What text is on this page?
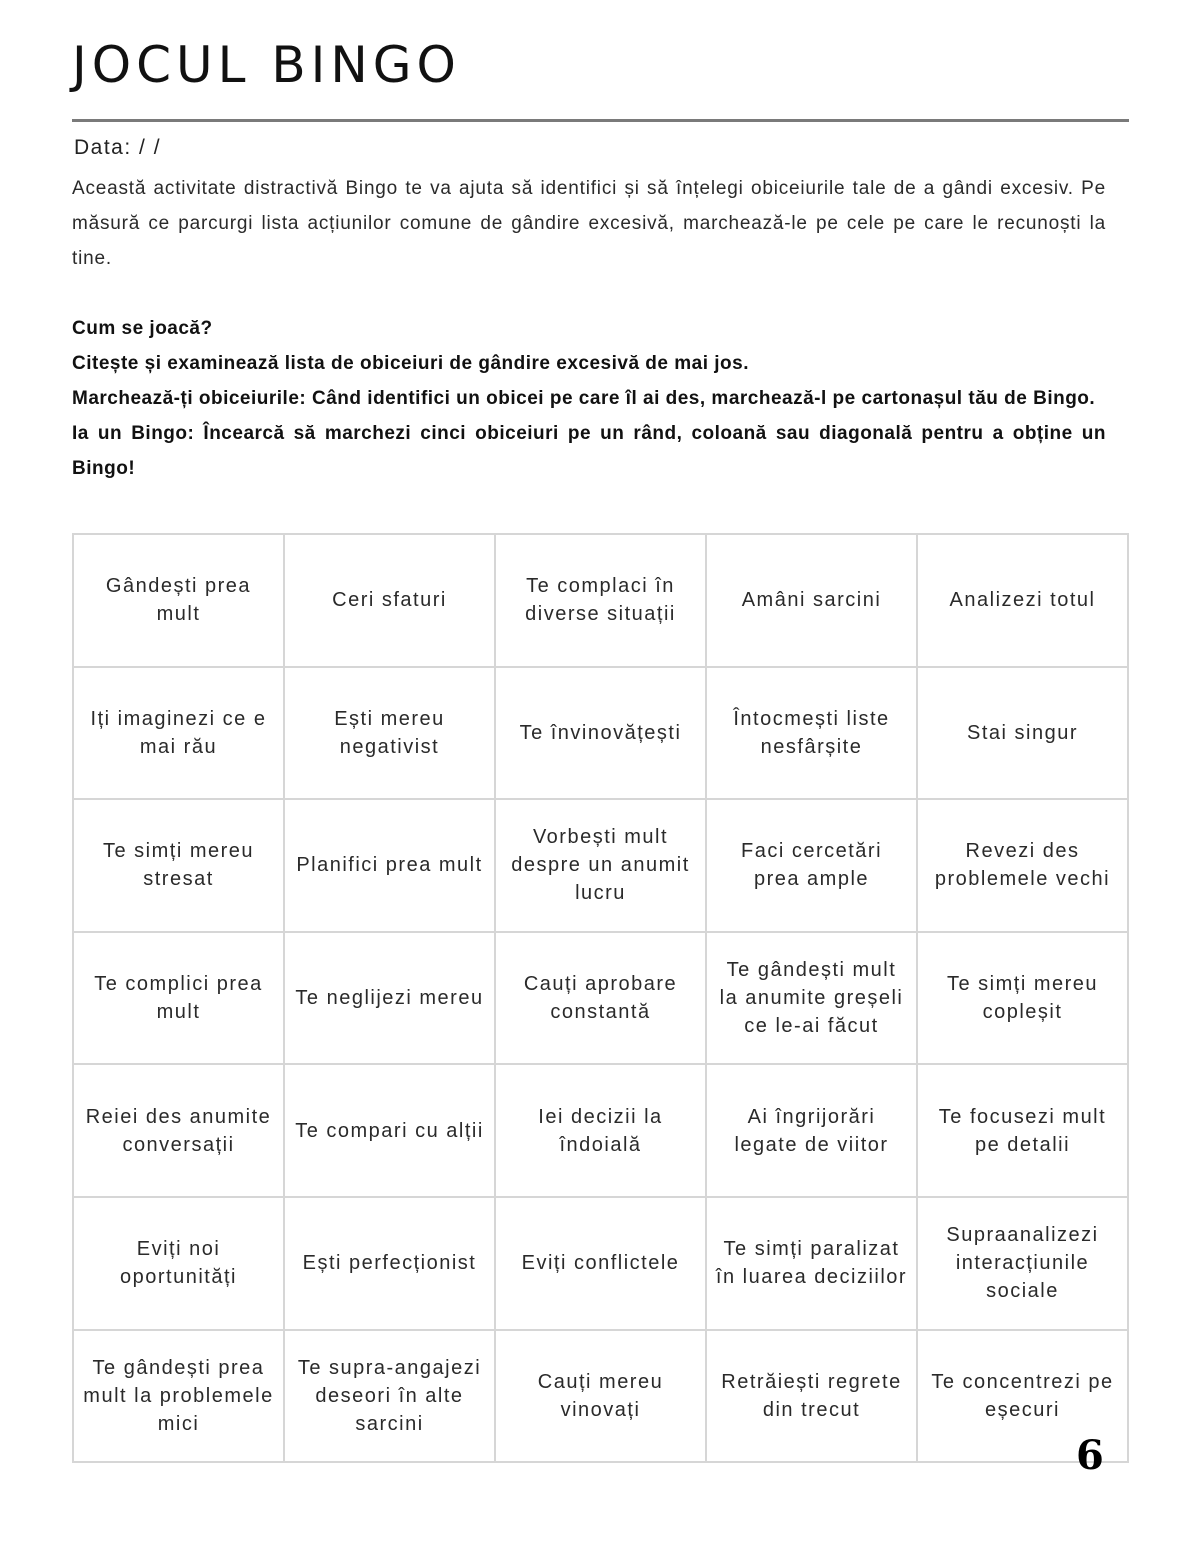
JOCUL BINGO
Data: / /

Această activitate distractivă Bingo te va ajuta să identifici și să înțelegi obiceiurile tale de a gândi excesiv. Pe măsură ce parcurgi lista acțiunilor comune de gândire excesivă, marchează-le pe cele pe care le recunoști la tine.

Cum se joacă?

Citește și examinează lista de obiceiuri de gândire excesivă de mai jos.

Marchează-ți obiceiurile: Când identifici un obicei pe care îl ai des, marchează-l pe cartonașul tău de Bingo.

Ia un Bingo: Încearcă să marchezi cinci obiceiuri pe un rând, coloană sau diagonală pentru a obține un Bingo!

Gândești prea mult
Ceri sfaturi
Te complaci în diverse situații
Amâni sarcini	Analizezi totul
Iți imaginezi ce e mai rău
Ești mereu negativist
Te învinovățești
Întocmești liste nesfârșite
Stai singur
Te simți mereu stresat
Planifici prea mult
Vorbești mult despre un anumit lucru
Faci cercetări prea ample
Revezi des problemele vechi
Te complici prea mult
Te neglijezi mereu
Cauți aprobare constantă
Te gândești mult la anumite greșeli ce le-ai făcut
Te simți mereu copleșit
Reiei des anumite conversații
Te compari cu alții
Iei decizii la îndoială
Ai îngrijorări legate de viitor
Te focusezi mult pe detalii
Eviți noi oportunități
Ești perfecționist	Eviți conflictele
Te simți paralizat în luarea deciziilor
Supraanalizezi interacțiunile sociale
Te gândești prea mult la problemele mici
Te supra-angajezi deseori în alte sarcini
Cauți mereu vinovați
Retrăiești regrete din trecut
Te concentrezi pe eșecuri
6
